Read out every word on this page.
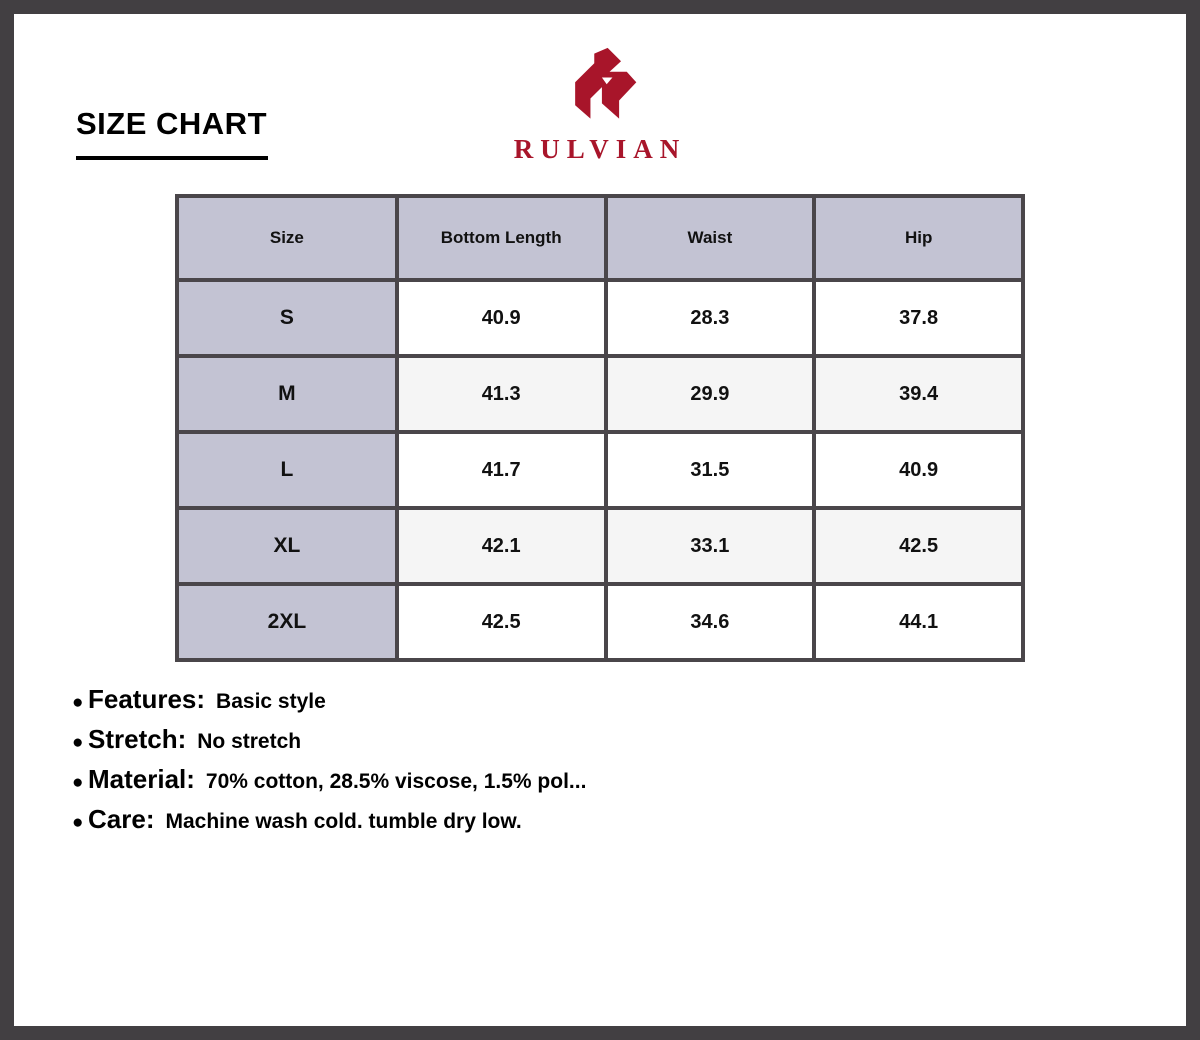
SIZE CHART
RULVIAN
Size	Bottom Length	Waist	Hip
S	40.9	28.3	37.8
M	41.3	29.9	39.4
L	41.7	31.5	40.9
XL	42.1	33.1	42.5
2XL	42.5	34.6	44.1
● Features: Basic style
● Stretch: No stretch
● Material: 70% cotton, 28.5% viscose, 1.5% pol...
● Care: Machine wash cold. tumble dry low.
